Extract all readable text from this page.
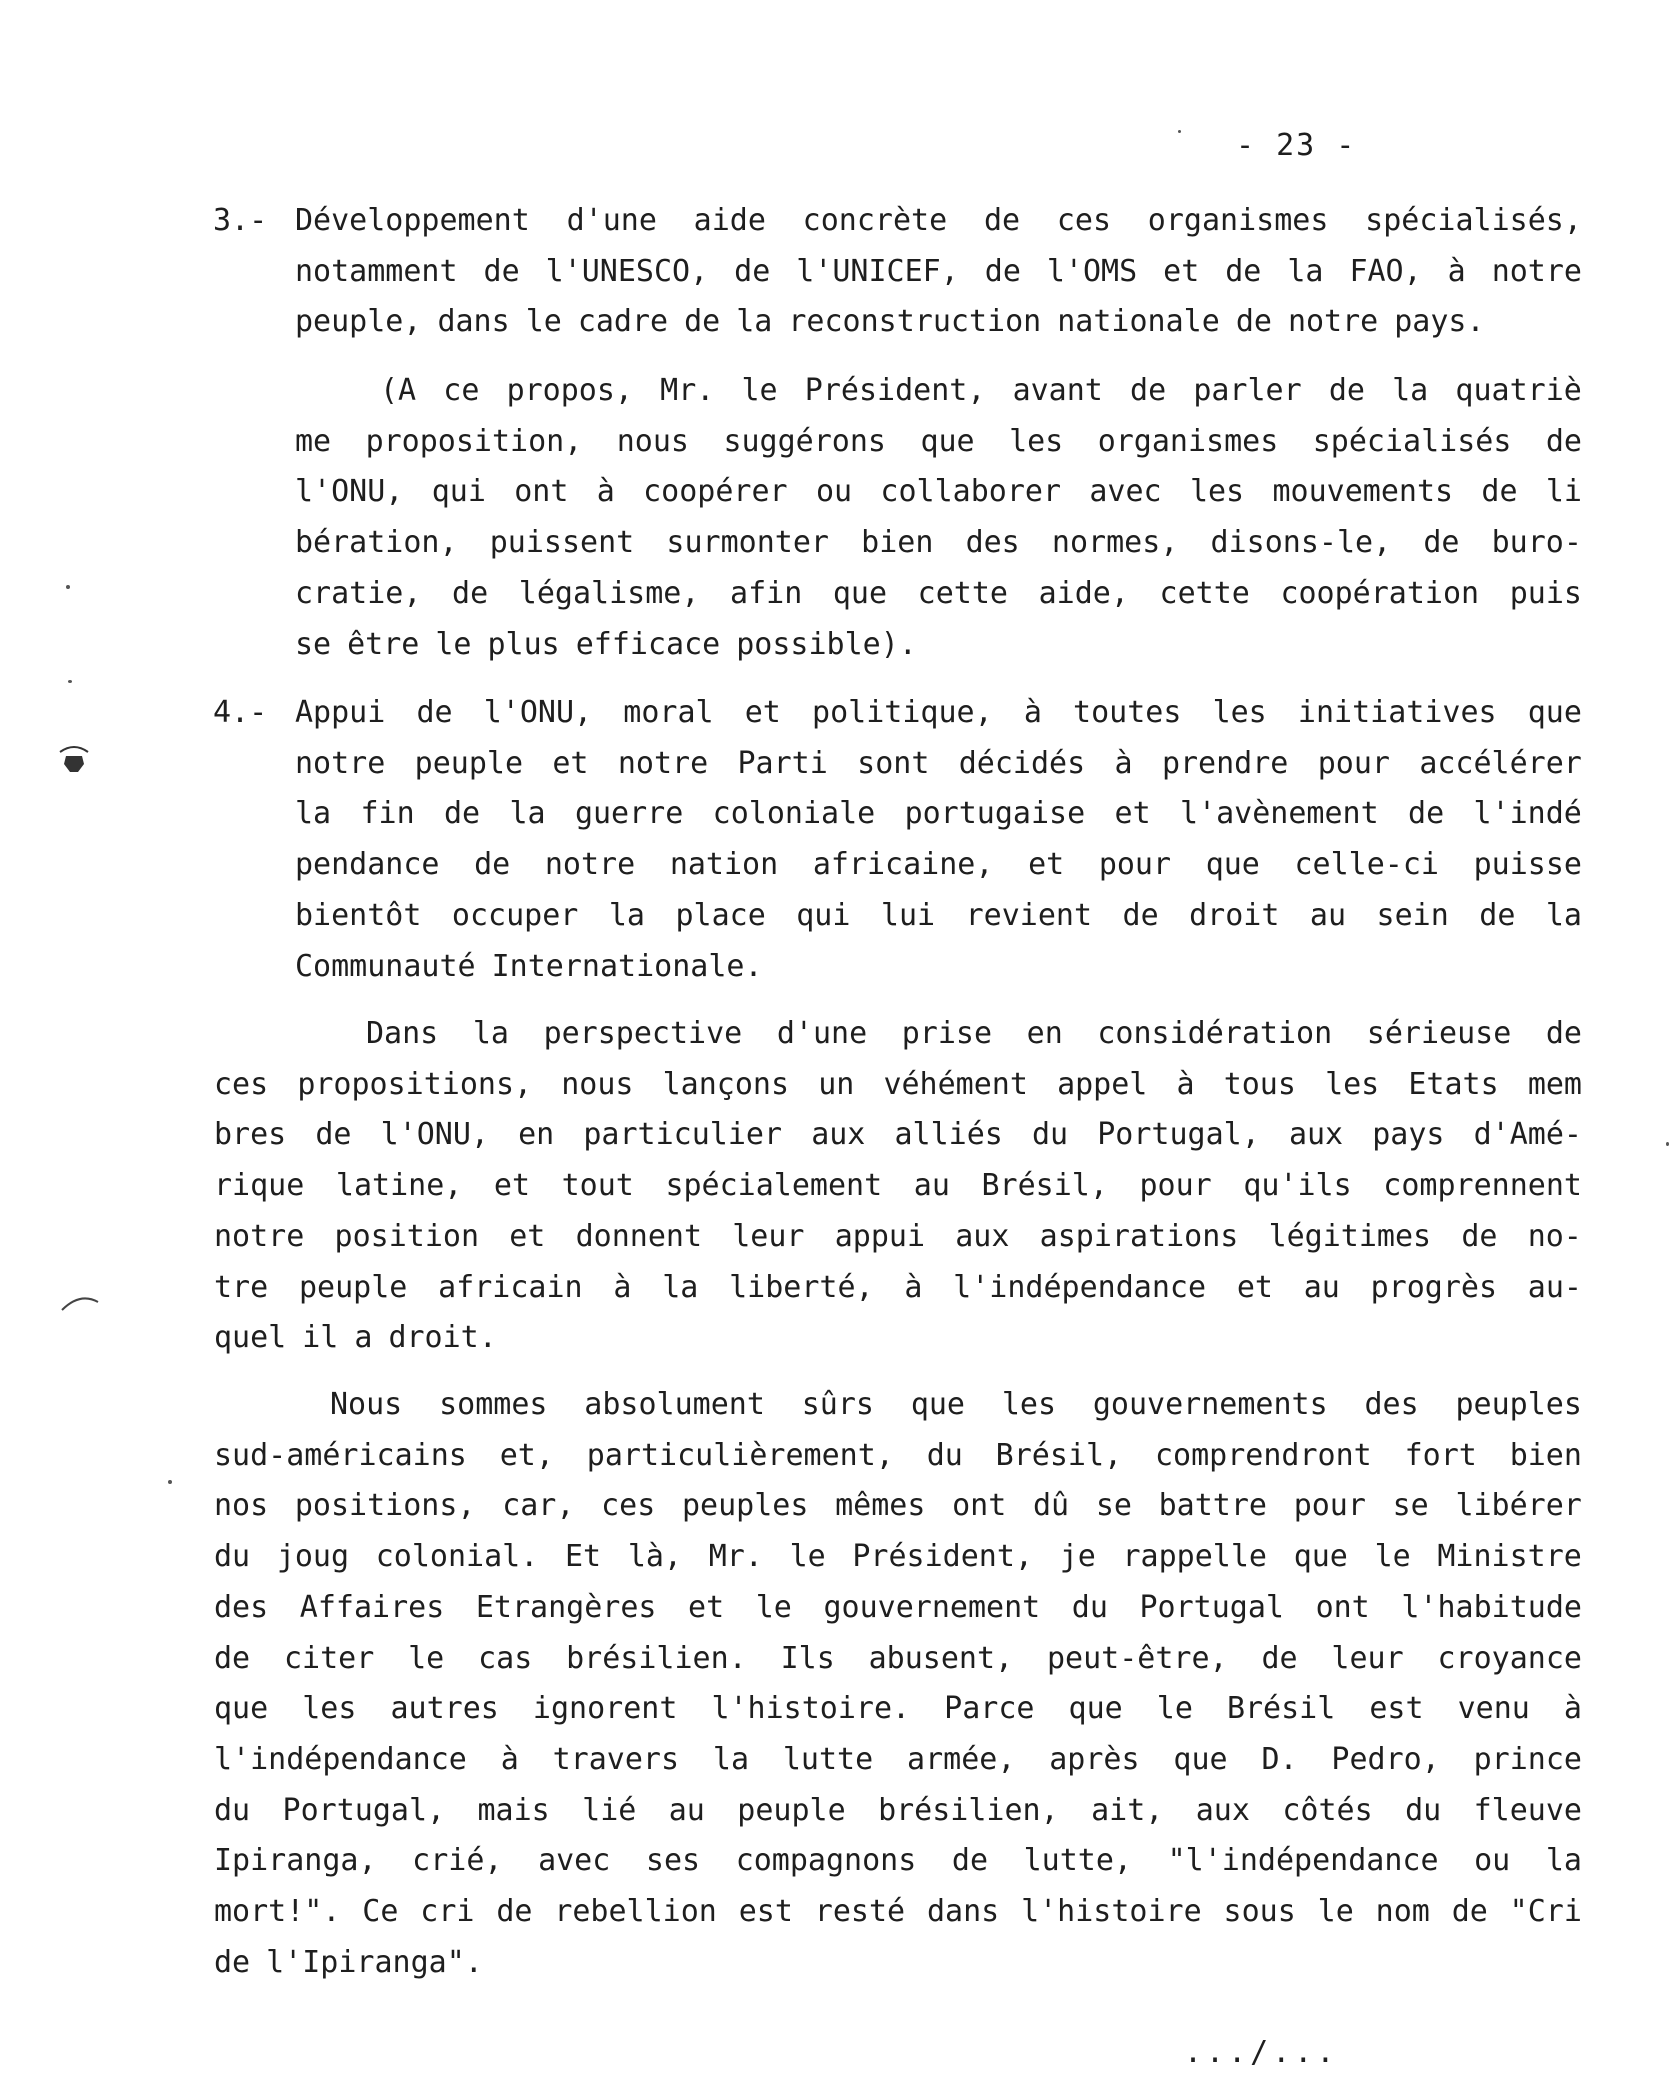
- 23 -
3.- Développement d'une aide concrète de ces organismes spécialisés,
notamment de l'UNESCO, de l'UNICEF, de l'OMS et de la FAO, à notre
peuple, dans le cadre de la reconstruction nationale de notre pays.
(A ce propos, Mr. le Président, avant de parler de la quatriè
me proposition, nous suggérons que les organismes spécialisés de
l'ONU, qui ont à coopérer ou collaborer avec les mouvements de li
bération, puissent surmonter bien des normes, disons-le, de buro-
cratie, de légalisme, afin que cette aide, cette coopération puis
se être le plus efficace possible).
4.- Appui de l'ONU, moral et politique, à toutes les initiatives que
notre peuple et notre Parti sont décidés à prendre pour accélérer
la fin de la guerre coloniale portugaise et l'avènement de l'indé
pendance de notre nation africaine, et pour que celle-ci puisse
bientôt occuper la place qui lui revient de droit au sein de la
Communauté Internationale.
Dans la perspective d'une prise en considération sérieuse de
ces propositions, nous lançons un véhément appel à tous les Etats mem
bres de l'ONU, en particulier aux alliés du Portugal, aux pays d'Amé-
rique latine, et tout spécialement au Brésil, pour qu'ils comprennent
notre position et donnent leur appui aux aspirations légitimes de no-
tre peuple africain à la liberté, à l'indépendance et au progrès au-
quel il a droit.
Nous sommes absolument sûrs que les gouvernements des peuples
sud-américains et, particulièrement, du Brésil, comprendront fort bien
nos positions, car, ces peuples mêmes ont dû se battre pour se libérer
du joug colonial. Et là, Mr. le Président, je rappelle que le Ministre
des Affaires Etrangères et le gouvernement du Portugal ont l'habitude
de citer le cas brésilien. Ils abusent, peut-être, de leur croyance
que les autres ignorent l'histoire. Parce que le Brésil est venu à
l'indépendance à travers la lutte armée, après que D. Pedro, prince
du Portugal, mais lié au peuple brésilien, ait, aux côtés du fleuve
Ipiranga, crié, avec ses compagnons de lutte, "l'indépendance ou la
mort!". Ce cri de rebellion est resté dans l'histoire sous le nom de "Cri
de l'Ipiranga".
.../...
